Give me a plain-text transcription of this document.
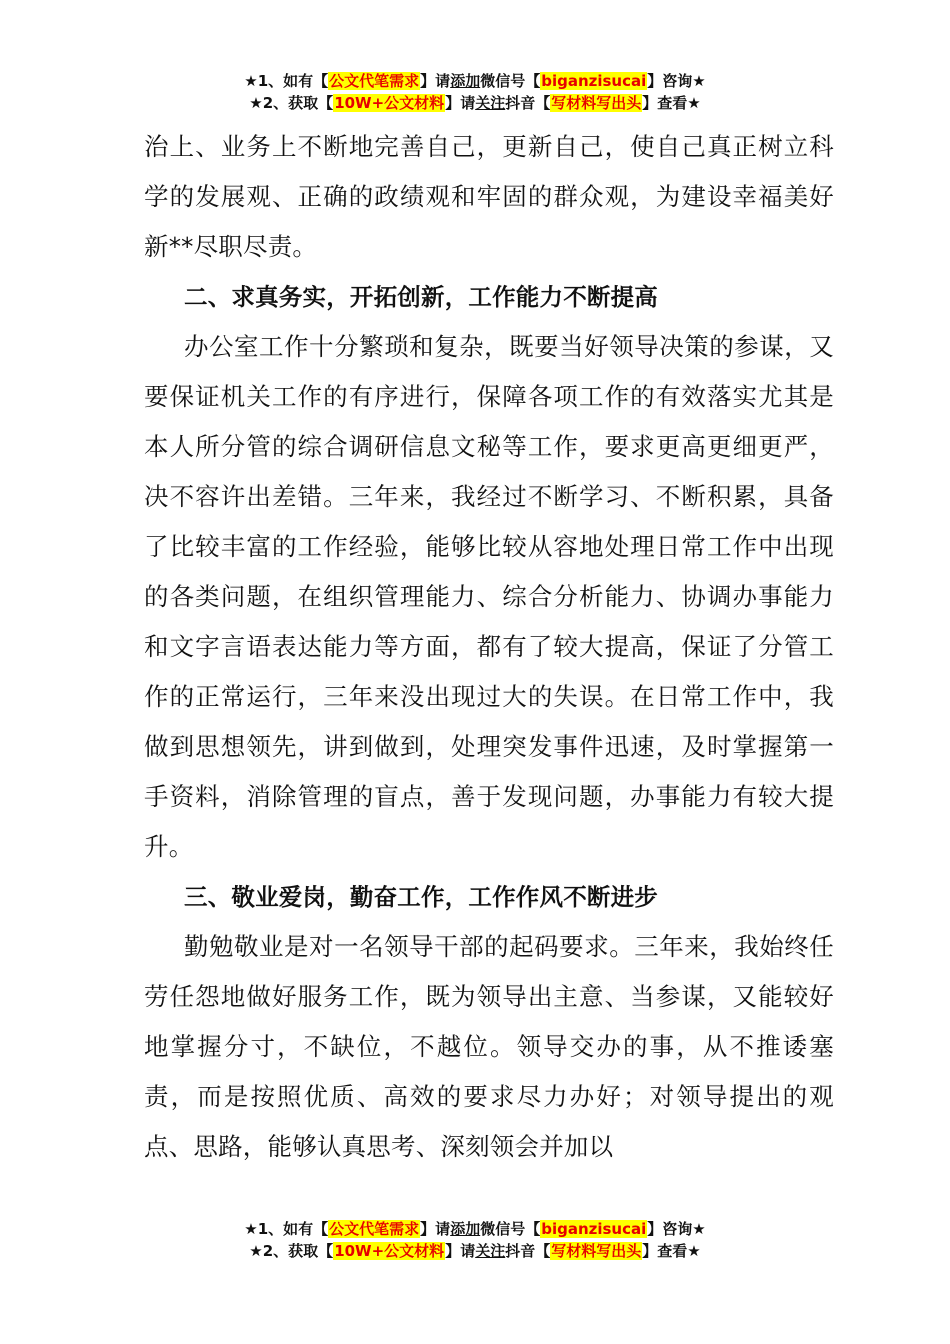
★1、如有【公文代笔需求】请添加微信号【biganzisucai】咨询★
★2、获取【10W+公文材料】请关注抖音【写材料写出头】查看★

治上、业务上不断地完善自己，更新自己，使自己真正树立科学的发展观、正确的政绩观和牢固的群众观，为建设幸福美好新**尽职尽责。

二、求真务实，开拓创新，工作能力不断提高

办公室工作十分繁琐和复杂，既要当好领导决策的参谋，又要保证机关工作的有序进行，保障各项工作的有效落实尤其是本人所分管的综合调研信息文秘等工作，要求更高更细更严，决不容许出差错。三年来，我经过不断学习、不断积累，具备了比较丰富的工作经验，能够比较从容地处理日常工作中出现的各类问题，在组织管理能力、综合分析能力、协调办事能力和文字言语表达能力等方面，都有了较大提高，保证了分管工作的正常运行，三年来没出现过大的失误。在日常工作中，我做到思想领先，讲到做到，处理突发事件迅速，及时掌握第一手资料，消除管理的盲点，善于发现问题，办事能力有较大提升。

三、敬业爱岗，勤奋工作，工作作风不断进步

勤勉敬业是对一名领导干部的起码要求。三年来，我始终任劳任怨地做好服务工作，既为领导出主意、当参谋，又能较好地掌握分寸，不缺位，不越位。领导交办的事，从不推诿塞责，而是按照优质、高效的要求尽力办好；对领导提出的观点、思路，能够认真思考、深刻领会并加以

★1、如有【公文代笔需求】请添加微信号【biganzisucai】咨询★
★2、获取【10W+公文材料】请关注抖音【写材料写出头】查看★
